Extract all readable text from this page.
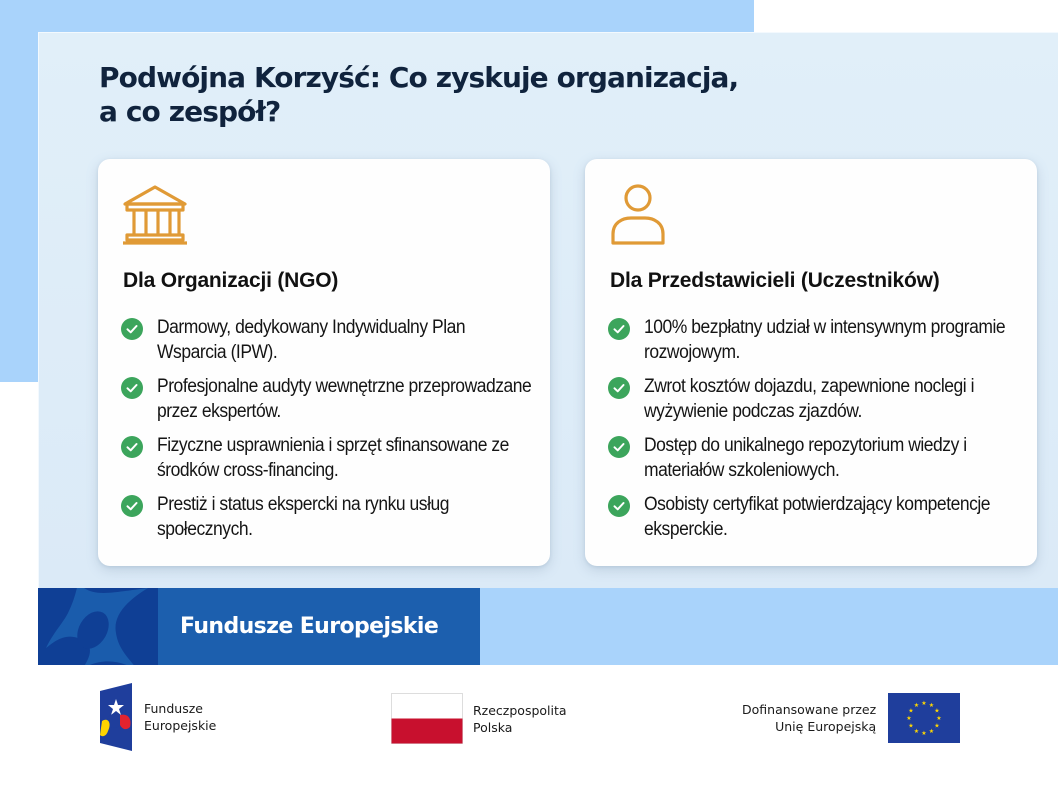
Podwójna Korzyść: Co zyskuje organizacja,
a co zespół?
Dla Organizacji (NGO)
Darmowy, dedykowany Indywidualny Plan Wsparcia (IPW).
Profesjonalne audyty wewnętrzne przeprowadzane przez ekspertów.
Fizyczne usprawnienia i sprzęt sfinansowane ze środków cross-financing.
Prestiż i status ekspercki na rynku usług społecznych.
Dla Przedstawicieli (Uczestników)
100% bezpłatny udział w intensywnym programie rozwojowym.
Zwrot kosztów dojazdu, zapewnione noclegi i wyżywienie podczas zjazdów.
Dostęp do unikalnego repozytorium wiedzy i materiałów szkoleniowych.
Osobisty certyfikat potwierdzający kompetencje eksperckie.
Fundusze Europejskie
Fundusze
Europejskie
Rzeczpospolita
Polska
Dofinansowane przez
Unię Europejską
★ ★
★
★
★
★
★
★
★
★
★
★
